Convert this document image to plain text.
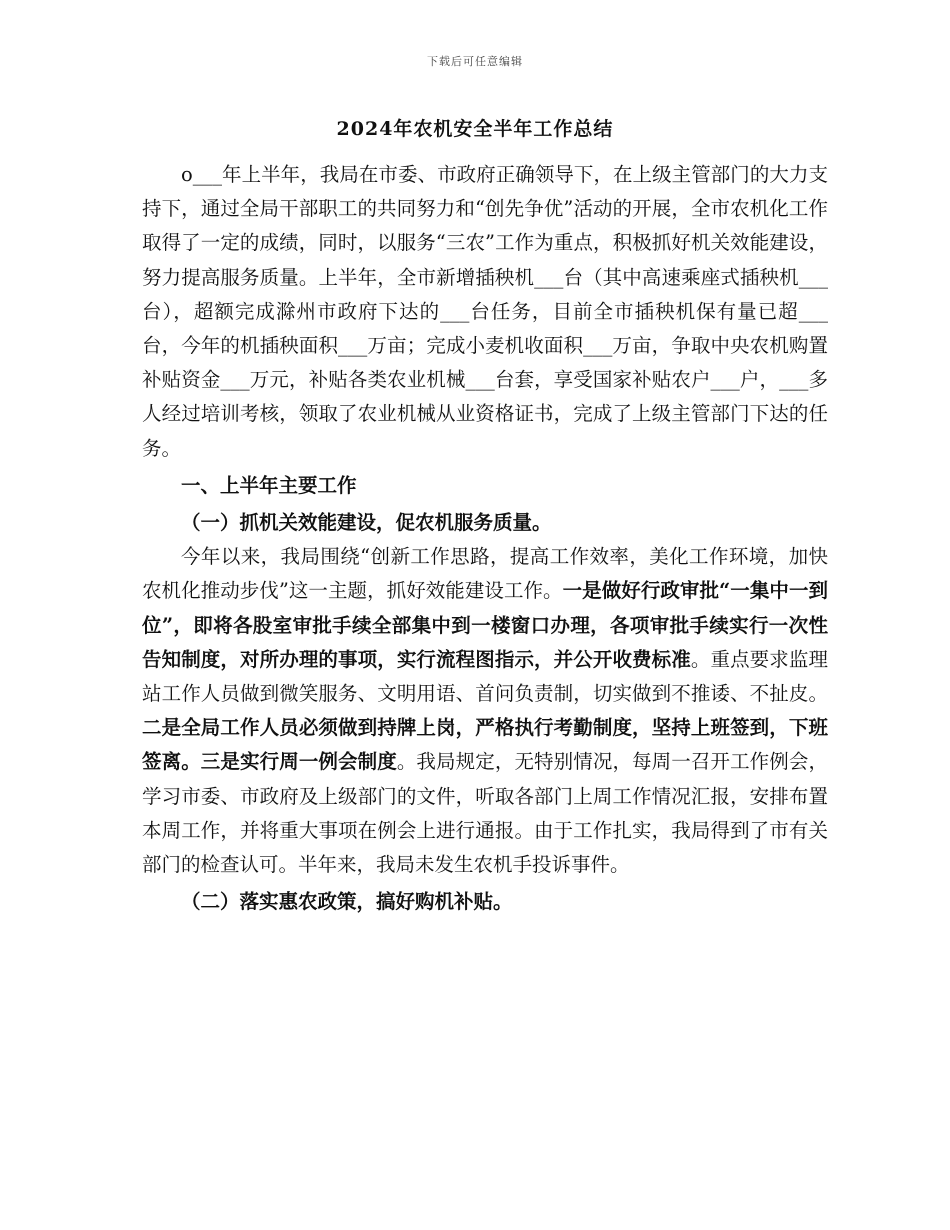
下载后可任意编辑
2024年农机安全半年工作总结

o___年上半年，我局在市委、市政府正确领导下，在上级主管部门的大力支持下，通过全局干部职工的共同努力和“创先争优”活动的开展，全市农机化工作取得了一定的成绩，同时，以服务“三农”工作为重点，积极抓好机关效能建设，努力提高服务质量。上半年，全市新增插秧机___台（其中高速乘座式插秧机___台），超额完成滁州市政府下达的___台任务，目前全市插秧机保有量已超___台，今年的机插秧面积___万亩；完成小麦机收面积___万亩，争取中央农机购置补贴资金___万元，补贴各类农业机械___台套，享受国家补贴农户___户，___多人经过培训考核，领取了农业机械从业资格证书，完成了上级主管部门下达的任务。

一、上半年主要工作

（一）抓机关效能建设，促农机服务质量。

今年以来，我局围绕“创新工作思路，提高工作效率，美化工作环境，加快农机化推动步伐”这一主题，抓好效能建设工作。一是做好行政审批“一集中一到位”，即将各股室审批手续全部集中到一楼窗口办理，各项审批手续实行一次性告知制度，对所办理的事项，实行流程图指示，并公开收费标准。重点要求监理站工作人员做到微笑服务、文明用语、首问负责制，切实做到不推诿、不扯皮。二是全局工作人员必须做到持牌上岗，严格执行考勤制度，坚持上班签到，下班签离。三是实行周一例会制度。我局规定，无特别情况，每周一召开工作例会，学习市委、市政府及上级部门的文件，听取各部门上周工作情况汇报，安排布置本周工作，并将重大事项在例会上进行通报。由于工作扎实，我局得到了市有关部门的检查认可。半年来，我局未发生农机手投诉事件。

（二）落实惠农政策，搞好购机补贴。
